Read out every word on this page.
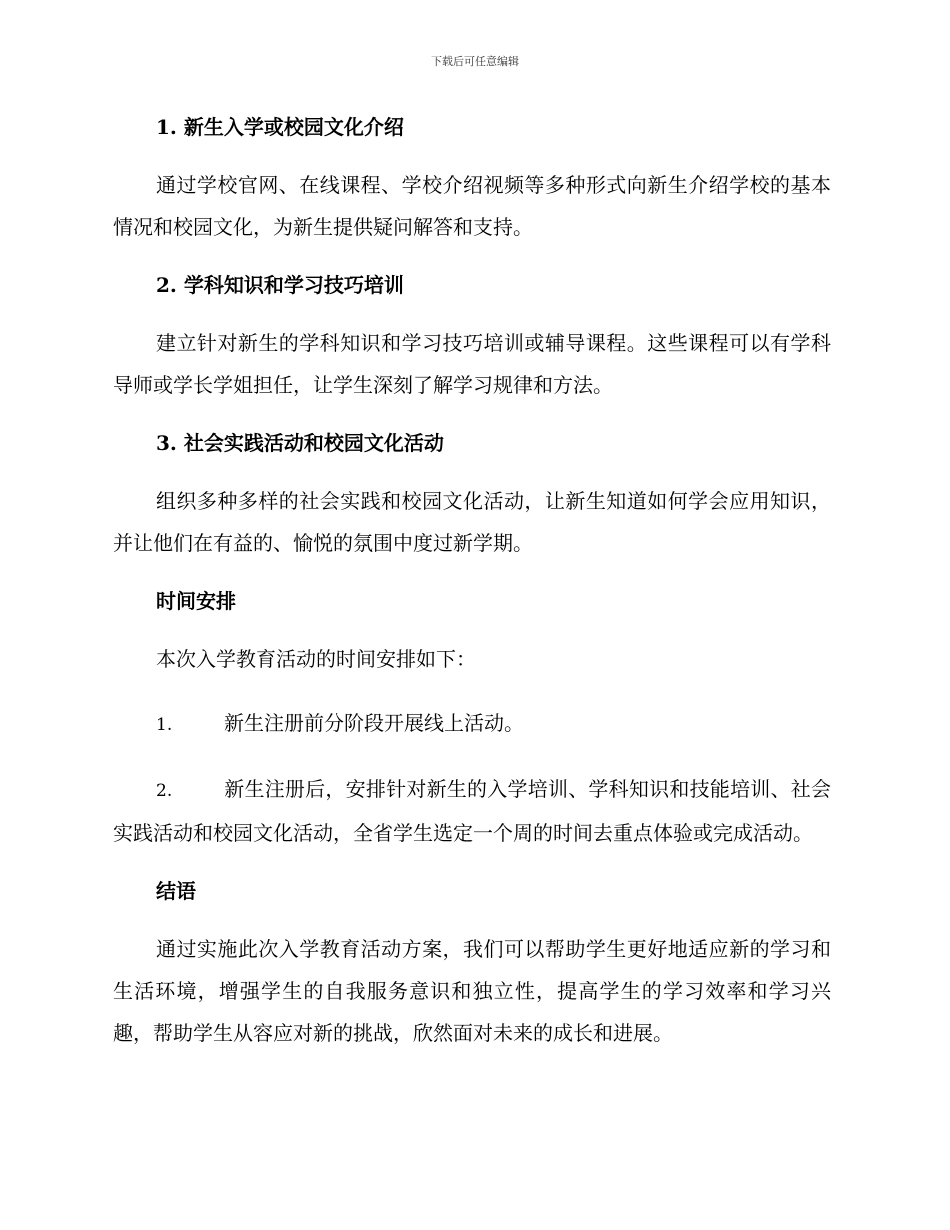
下载后可任意编辑
1. 新生入学或校园文化介绍

通过学校官网、在线课程、学校介绍视频等多种形式向新生介绍学校的基本情况和校园文化，为新生提供疑问解答和支持。

2. 学科知识和学习技巧培训

建立针对新生的学科知识和学习技巧培训或辅导课程。这些课程可以有学科导师或学长学姐担任，让学生深刻了解学习规律和方法。

3. 社会实践活动和校园文化活动

组织多种多样的社会实践和校园文化活动，让新生知道如何学会应用知识，并让他们在有益的、愉悦的氛围中度过新学期。

时间安排

本次入学教育活动的时间安排如下：

1.	新生注册前分阶段开展线上活动。

2.	新生注册后，安排针对新生的入学培训、学科知识和技能培训、社会实践活动和校园文化活动，全省学生选定一个周的时间去重点体验或完成活动。

结语

通过实施此次入学教育活动方案，我们可以帮助学生更好地适应新的学习和生活环境，增强学生的自我服务意识和独立性，提高学生的学习效率和学习兴趣，帮助学生从容应对新的挑战，欣然面对未来的成长和进展。
